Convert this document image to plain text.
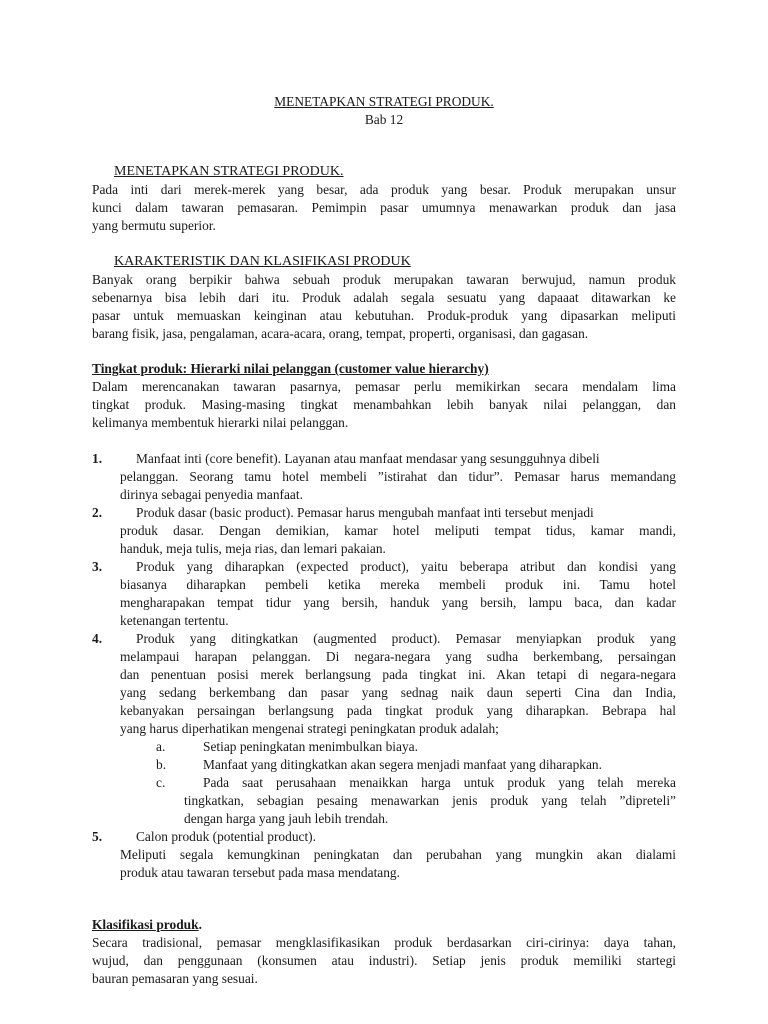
MENETAPKAN STRATEGI PRODUK.
Bab 12
MENETAPKAN STRATEGI PRODUK.
Pada inti dari merek-merek yang besar, ada produk yang besar. Produk merupakan unsur
kunci dalam tawaran pemasaran. Pemimpin pasar umumnya menawarkan produk dan jasa
yang bermutu superior.
KARAKTERISTIK DAN KLASIFIKASI PRODUK
Banyak orang berpikir bahwa sebuah produk merupakan tawaran berwujud, namun produk
sebenarnya bisa lebih dari itu. Produk adalah segala sesuatu yang dapaaat ditawarkan ke
pasar untuk memuaskan keinginan atau kebutuhan. Produk-produk yang dipasarkan meliputi
barang fisik, jasa, pengalaman, acara-acara, orang, tempat, properti, organisasi, dan gagasan.
Tingkat produk: Hierarki nilai pelanggan (customer value hierarchy)
Dalam merencanakan tawaran pasarnya, pemasar perlu memikirkan secara mendalam lima
tingkat produk. Masing-masing tingkat menambahkan lebih banyak nilai pelanggan, dan
kelimanya membentuk hierarki nilai pelanggan.
1.	Manfaat inti (core benefit). Layanan atau manfaat mendasar yang sesungguhnya dibeli
pelanggan. Seorang tamu hotel membeli ”istirahat dan tidur”. Pemasar harus memandang
dirinya sebagai penyedia manfaat.
2.	Produk dasar (basic product). Pemasar harus mengubah manfaat inti tersebut menjadi
produk dasar. Dengan demikian, kamar hotel meliputi tempat tidus, kamar mandi,
handuk, meja tulis, meja rias, dan lemari pakaian.
3.	Produk yang diharapkan (expected product), yaitu beberapa atribut dan kondisi yang
biasanya diharapkan pembeli ketika mereka membeli produk ini. Tamu hotel
mengharapakan tempat tidur yang bersih, handuk yang bersih, lampu baca, dan kadar
ketenangan tertentu.
4.	Produk yang ditingkatkan (augmented product). Pemasar menyiapkan produk yang
melampaui harapan pelanggan. Di negara-negara yang sudha berkembang, persaingan
dan penentuan posisi merek berlangsung pada tingkat ini. Akan tetapi di negara-negara
yang sedang berkembang dan pasar yang sednag naik daun seperti Cina dan India,
kebanyakan persaingan berlangsung pada tingkat produk yang diharapkan. Bebrapa hal
yang harus diperhatikan mengenai strategi peningkatan produk adalah;
a.	Setiap peningkatan menimbulkan biaya.
b.	Manfaat yang ditingkatkan akan segera menjadi manfaat yang diharapkan.
c.	Pada saat perusahaan menaikkan harga untuk produk yang telah mereka
tingkatkan, sebagian pesaing menawarkan jenis produk yang telah ”dipreteli”
dengan harga yang jauh lebih trendah.
5.	Calon produk (potential product).
Meliputi segala kemungkinan peningkatan dan perubahan yang mungkin akan dialami
produk atau tawaran tersebut pada masa mendatang.
Klasifikasi produk.
Secara tradisional, pemasar mengklasifikasikan produk berdasarkan ciri-cirinya: daya tahan,
wujud, dan penggunaan (konsumen atau industri). Setiap jenis produk memiliki startegi
bauran pemasaran yang sesuai.
